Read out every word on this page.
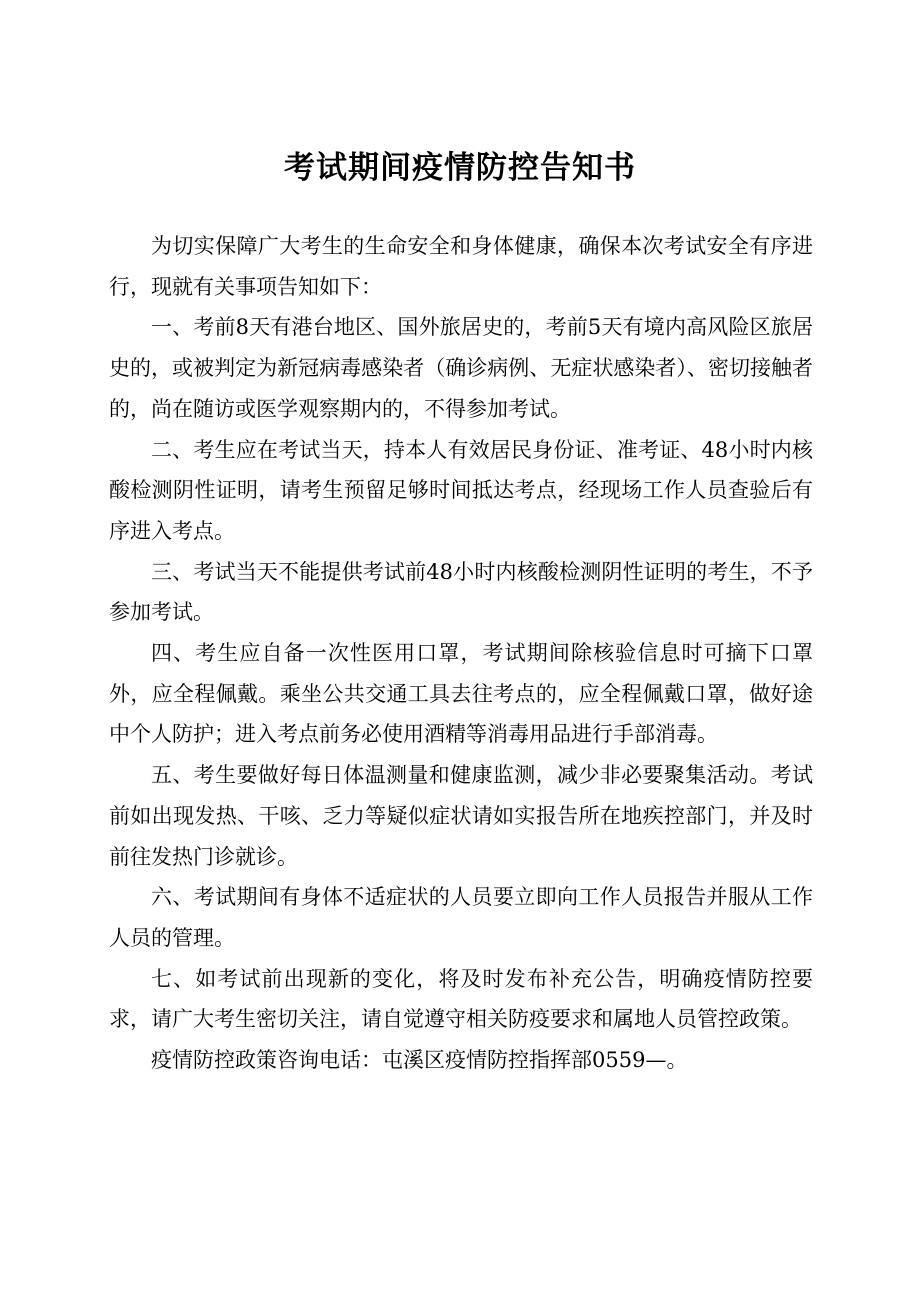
考试期间疫情防控告知书

为切实保障广大考生的生命安全和身体健康，确保本次考试安全有序进行，现就有关事项告知如下：

一、考前8天有港台地区、国外旅居史的，考前5天有境内高风险区旅居史的，或被判定为新冠病毒感染者（确诊病例、无症状感染者）、密切接触者的，尚在随访或医学观察期内的，不得参加考试。

二、考生应在考试当天，持本人有效居民身份证、准考证、48小时内核酸检测阴性证明，请考生预留足够时间抵达考点，经现场工作人员查验后有序进入考点。

三、考试当天不能提供考试前48小时内核酸检测阴性证明的考生，不予参加考试。

四、考生应自备一次性医用口罩，考试期间除核验信息时可摘下口罩外，应全程佩戴。乘坐公共交通工具去往考点的，应全程佩戴口罩，做好途中个人防护；进入考点前务必使用酒精等消毒用品进行手部消毒。

五、考生要做好每日体温测量和健康监测，减少非必要聚集活动。考试前如出现发热、干咳、乏力等疑似症状请如实报告所在地疾控部门，并及时前往发热门诊就诊。

六、考试期间有身体不适症状的人员要立即向工作人员报告并服从工作人员的管理。

七、如考试前出现新的变化，将及时发布补充公告，明确疫情防控要求，请广大考生密切关注，请自觉遵守相关防疫要求和属地人员管控政策。

疫情防控政策咨询电话：屯溪区疫情防控指挥部0559—。
